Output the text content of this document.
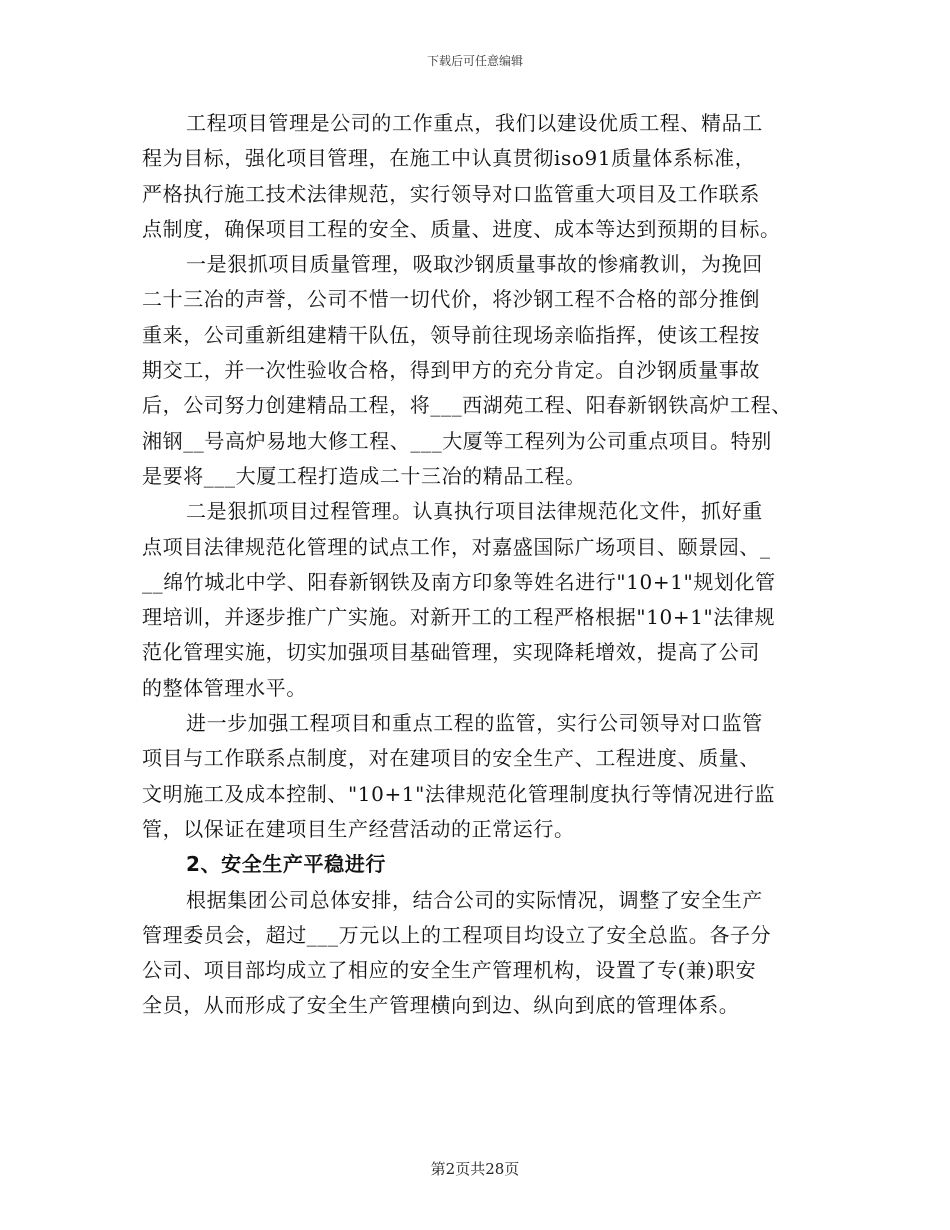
下载后可任意编辑
工程项目管理是公司的工作重点，我们以建设优质工程、精品工
程为目标，强化项目管理，在施工中认真贯彻iso91质量体系标准，
严格执行施工技术法律规范，实行领导对口监管重大项目及工作联系
点制度，确保项目工程的安全、质量、进度、成本等达到预期的目标。
一是狠抓项目质量管理，吸取沙钢质量事故的惨痛教训，为挽回
二十三冶的声誉，公司不惜一切代价，将沙钢工程不合格的部分推倒
重来，公司重新组建精干队伍，领导前往现场亲临指挥，使该工程按
期交工，并一次性验收合格，得到甲方的充分肯定。自沙钢质量事故
后，公司努力创建精品工程，将___西湖苑工程、阳春新钢铁高炉工程、
湘钢__号高炉易地大修工程、___大厦等工程列为公司重点项目。特别
是要将___大厦工程打造成二十三冶的精品工程。
二是狠抓项目过程管理。认真执行项目法律规范化文件，抓好重
点项目法律规范化管理的试点工作，对嘉盛国际广场项目、颐景园、_
__绵竹城北中学、阳春新钢铁及南方印象等姓名进行"10+1"规划化管
理培训，并逐步推广广实施。对新开工的工程严格根据"10+1"法律规
范化管理实施，切实加强项目基础管理，实现降耗增效，提高了公司
的整体管理水平。
进一步加强工程项目和重点工程的监管，实行公司领导对口监管
项目与工作联系点制度，对在建项目的安全生产、工程进度、质量、
文明施工及成本控制、"10+1"法律规范化管理制度执行等情况进行监
管，以保证在建项目生产经营活动的正常运行。
2、安全生产平稳进行
根据集团公司总体安排，结合公司的实际情况，调整了安全生产
管理委员会，超过___万元以上的工程项目均设立了安全总监。各子分
公司、项目部均成立了相应的安全生产管理机构，设置了专(兼)职安
全员，从而形成了安全生产管理横向到边、纵向到底的管理体系。
第2页共28页
